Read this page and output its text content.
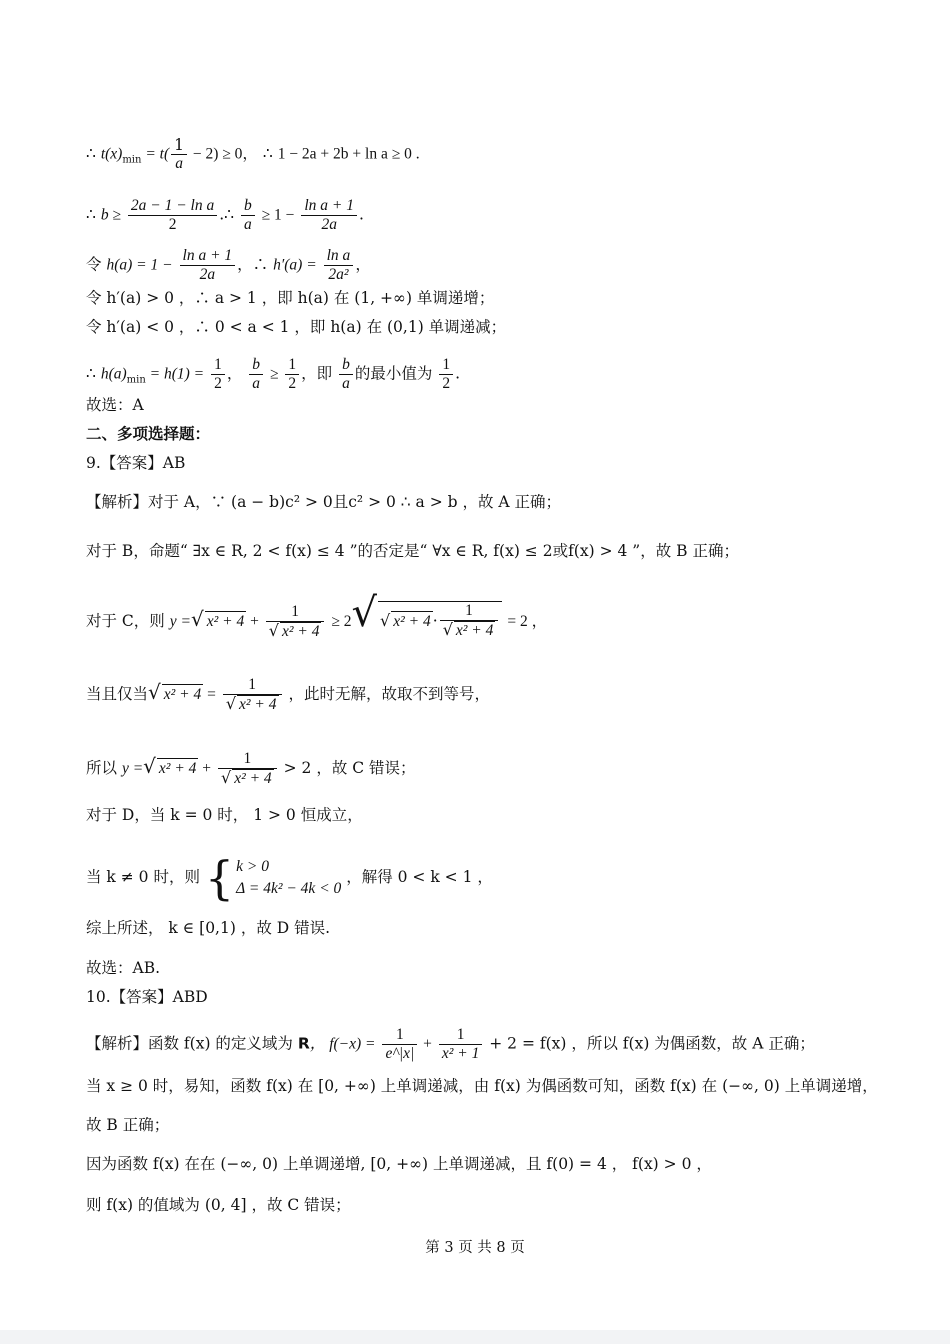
∴ $t(x)_{min} = t( \frac{1}{a} - 2) \ge 0$， ∴ 1 − 2a + 2b + ln a ≥ 0 .
∴ $b \ge \frac{\text{2a − 1 − ln a}}{2}$ .∴ $\frac{b}{a} \ge 1 - \frac{\text{ln a + 1}}{2a}$ .
令 $h(a) = 1 - \frac{\text{ln a + 1}}{2a}$ ，∴ $h'(a) = \frac{\text{ln a}}{\text{2a²}}$ ，
令 h′(a) > 0 ，∴ a > 1 ，即 h(a) 在 (1, +∞) 单调递增；
令 h′(a) < 0 ，∴ 0 < a < 1 ，即 h(a) 在 (0,1) 单调递减；
∴ $h(a)_{min} = h(1) = \frac{1}{2}$ ， $\frac{b}{a} \ge \frac{1}{2}$ ，即 $\frac{b}{a}$ 的最小值为 $\frac{1}{2}$ .
故选：A
二、多项选择题：
9.【答案】AB
【解析】对于 A，∵ (a − b)c² > 0且c² > 0 ∴ a > b ，故 A 正确；
对于 B，命题“ ∃x ∈ R, 2 < f(x) ≤ 4 ”的否定是“ ∀x ∈ R, f(x) ≤ 2或f(x) > 4 ”，故 B 正确；
对于 C，则 y =√ $x^2 + 4 + \frac{1}{\text{√ x² + 4}} \ge 2√$ √ $x^2 + 4 \cdot \frac{1}{\text{√ x² + 4}} = 2$ ，
当且仅当√ $x^2 + 4 = \frac{1}{\text{√ x² + 4}}$ ，此时无解，故取不到等号，
所以 y =√ $x^2 + 4 + \frac{1}{\text{√ x² + 4}} > 2$ ，故 C 错误；
对于 D，当 k = 0 时， 1 > 0 恒成立，
当 k ≠ 0 时，则 { k > 0
Δ = 4k² − 4k < 0
，解得 0 < k < 1 ，
综上所述， k ∈ [0,1) ，故 D 错误.
故选：AB.
10.【答案】ABD
【解析】函数 f(x) 的定义域为 R， $f(-x) = \frac{1}{e\^{}|x|} + \frac{1}{\text{x² + 1}} + 2 = f(x)$ ，所以 f(x) 为偶函数，故 A 正确；
当 x ≥ 0 时，易知，函数 f(x) 在 [0, +∞) 上单调递减，由 f(x) 为偶函数可知，函数 f(x) 在 (−∞, 0) 上单调递增，
故 B 正确；
因为函数 f(x) 在在 (−∞, 0) 上单调递增, [0, +∞) 上单调递减，且 f(0) = 4 ， f(x) > 0 ，
则 f(x) 的值域为 (0, 4] ，故 C 错误；
第 3 页 共 8 页
